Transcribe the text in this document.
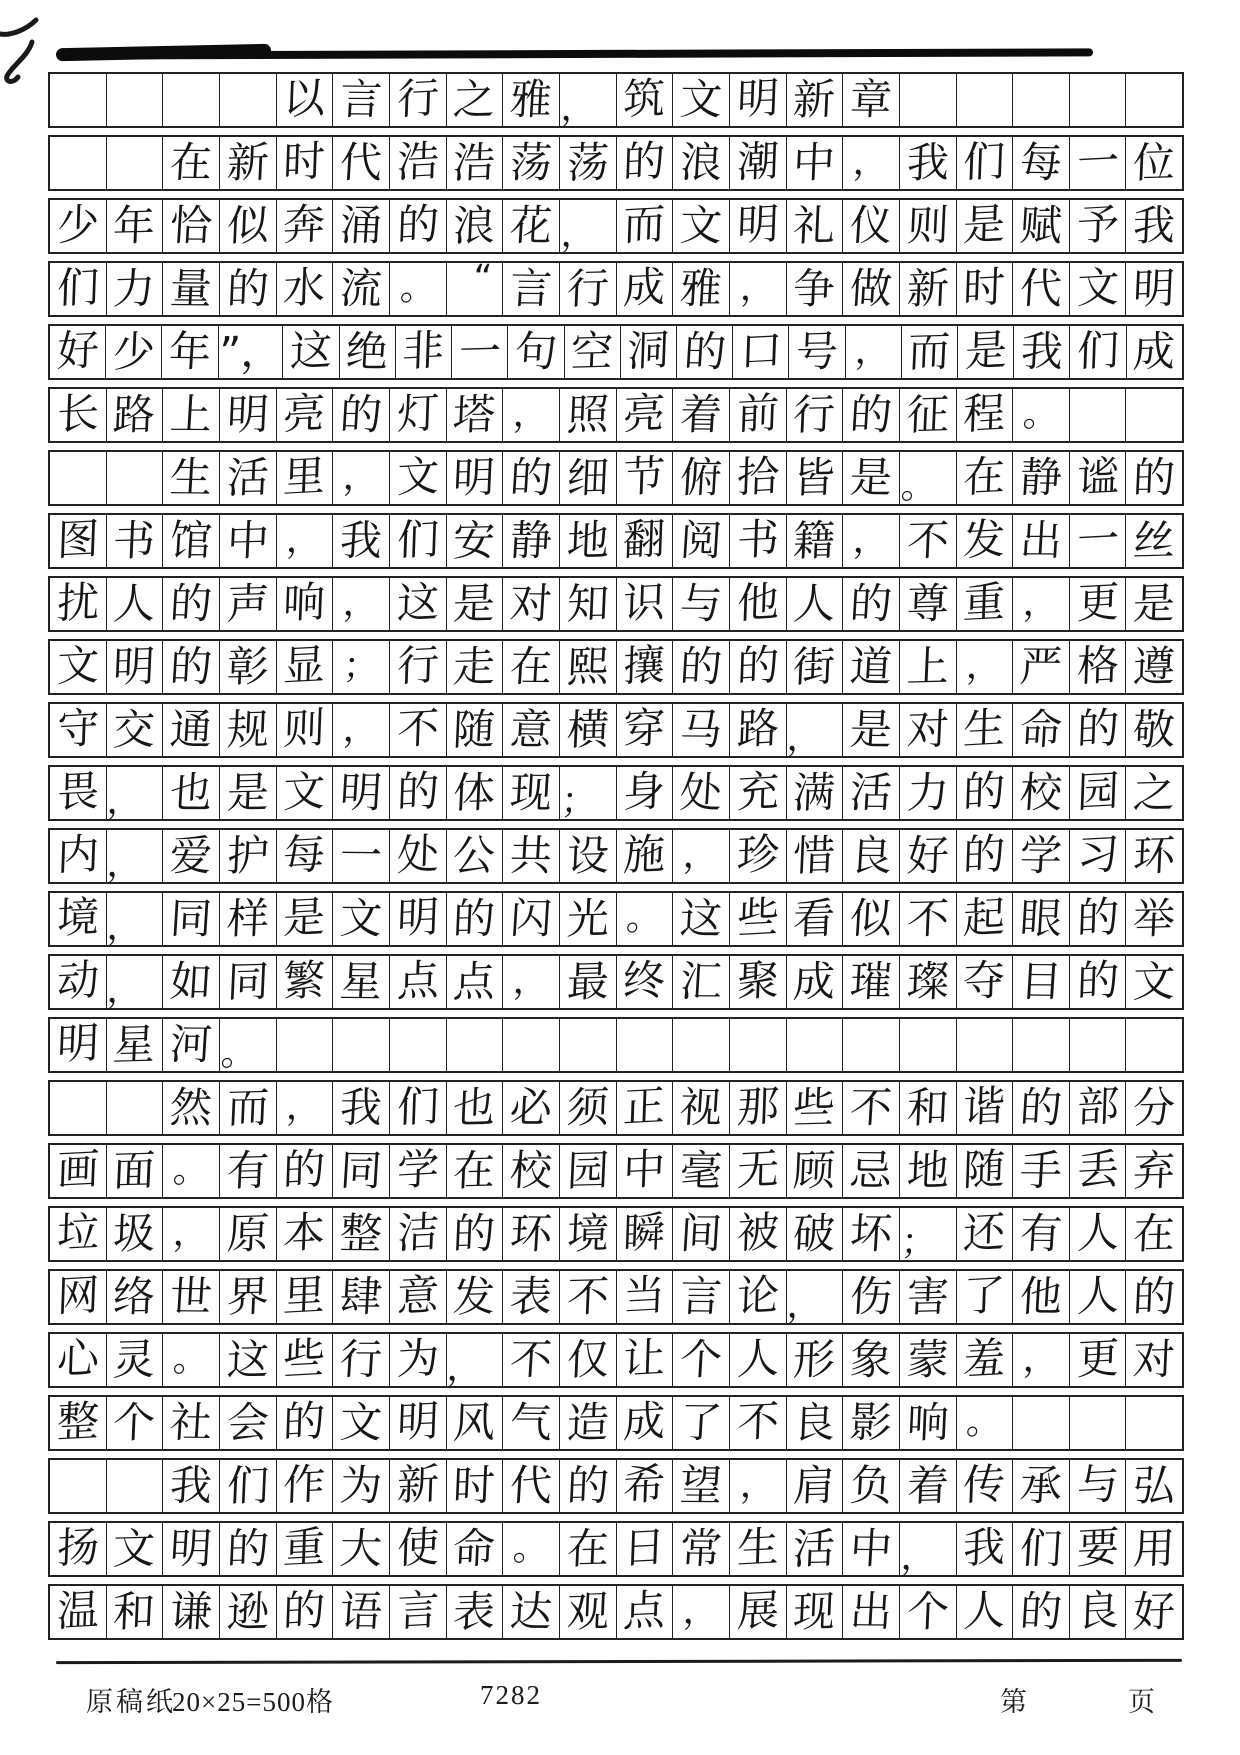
以 言 行 之 雅 ， 筑 文 明 新 章
在 新 时 代 浩 浩 荡 荡 的 浪 潮 中 ， 我 们 每 一 位
少 年 恰 似 奔 涌 的 浪 花 ， 而 文 明 礼 仪 则 是 赋 予 我
们 力 量 的 水 流 。 “ 言 行 成 雅 ， 争 做 新 时 代 文 明
好 少 年 ”， 这 绝 非 一 句 空 洞 的 口 号 ， 而 是 我 们 成
长 路 上 明 亮 的 灯 塔 ， 照 亮 着 前 行 的 征 程 。
生 活 里 ， 文 明 的 细 节 俯 拾 皆 是 。 在 静 谧 的
图 书 馆 中 ， 我 们 安 静 地 翻 阅 书 籍 ， 不 发 出 一 丝
扰 人 的 声 响 ， 这 是 对 知 识 与 他 人 的 尊 重 ， 更 是
文 明 的 彰 显 ； 行 走 在 熙 攘 的 的 街 道 上 ， 严 格 遵
守 交 通 规 则 ， 不 随 意 横 穿 马 路 ， 是 对 生 命 的 敬
畏 ， 也 是 文 明 的 体 现 ； 身 处 充 满 活 力 的 校 园 之
内 ， 爱 护 每 一 处 公 共 设 施 ， 珍 惜 良 好 的 学 习 环
境 ， 同 样 是 文 明 的 闪 光 。 这 些 看 似 不 起 眼 的 举
动 ， 如 同 繁 星 点 点 ， 最 终 汇 聚 成 璀 璨 夺 目 的 文
明 星 河 。
然 而 ， 我 们 也 必 须 正 视 那 些 不 和 谐 的 部 分
画 面 。 有 的 同 学 在 校 园 中 毫 无 顾 忌 地 随 手 丢 弃
垃 圾 ， 原 本 整 洁 的 环 境 瞬 间 被 破 坏 ； 还 有 人 在
网 络 世 界 里 肆 意 发 表 不 当 言 论 ， 伤 害 了 他 人 的
心 灵 。 这 些 行 为 ， 不 仅 让 个 人 形 象 蒙 羞 ， 更 对
整 个 社 会 的 文 明 风 气 造 成 了 不 良 影 响 。
我 们 作 为 新 时 代 的 希 望 ， 肩 负 着 传 承 与 弘
扬 文 明 的 重 大 使 命 。 在 日 常 生 活 中 ， 我 们 要 用
温 和 谦 逊 的 语 言 表 达 观 点 ， 展 现 出 个 人 的 良 好
原稿纸
20×25=500格	7282	第	页
